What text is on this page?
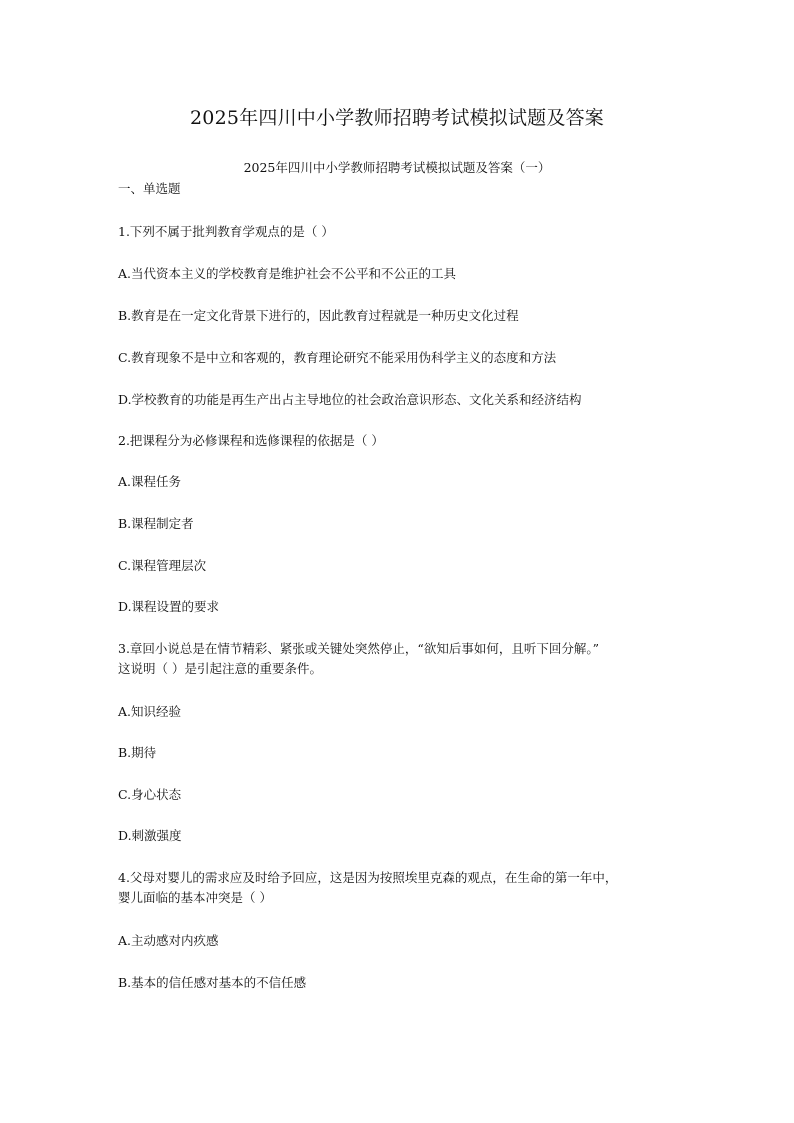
2025年四川中小学教师招聘考试模拟试题及答案
2025年四川中小学教师招聘考试模拟试题及答案（一）
一、单选题
1.下列不属于批判教育学观点的是（ ）
A.当代资本主义的学校教育是维护社会不公平和不公正的工具
B.教育是在一定文化背景下进行的，因此教育过程就是一种历史文化过程
C.教育现象不是中立和客观的，教育理论研究不能采用伪科学主义的态度和方法
D.学校教育的功能是再生产出占主导地位的社会政治意识形态、文化关系和经济结构
2.把课程分为必修课程和选修课程的依据是（ ）
A.课程任务
B.课程制定者
C.课程管理层次
D.课程设置的要求
3.章回小说总是在情节精彩、紧张或关键处突然停止，“欲知后事如何，且听下回分解。”
这说明（ ）是引起注意的重要条件。
A.知识经验
B.期待
C.身心状态
D.刺激强度
4.父母对婴儿的需求应及时给予回应，这是因为按照埃里克森的观点，在生命的第一年中，
婴儿面临的基本冲突是（ ）
A.主动感对内疚感
B.基本的信任感对基本的不信任感
